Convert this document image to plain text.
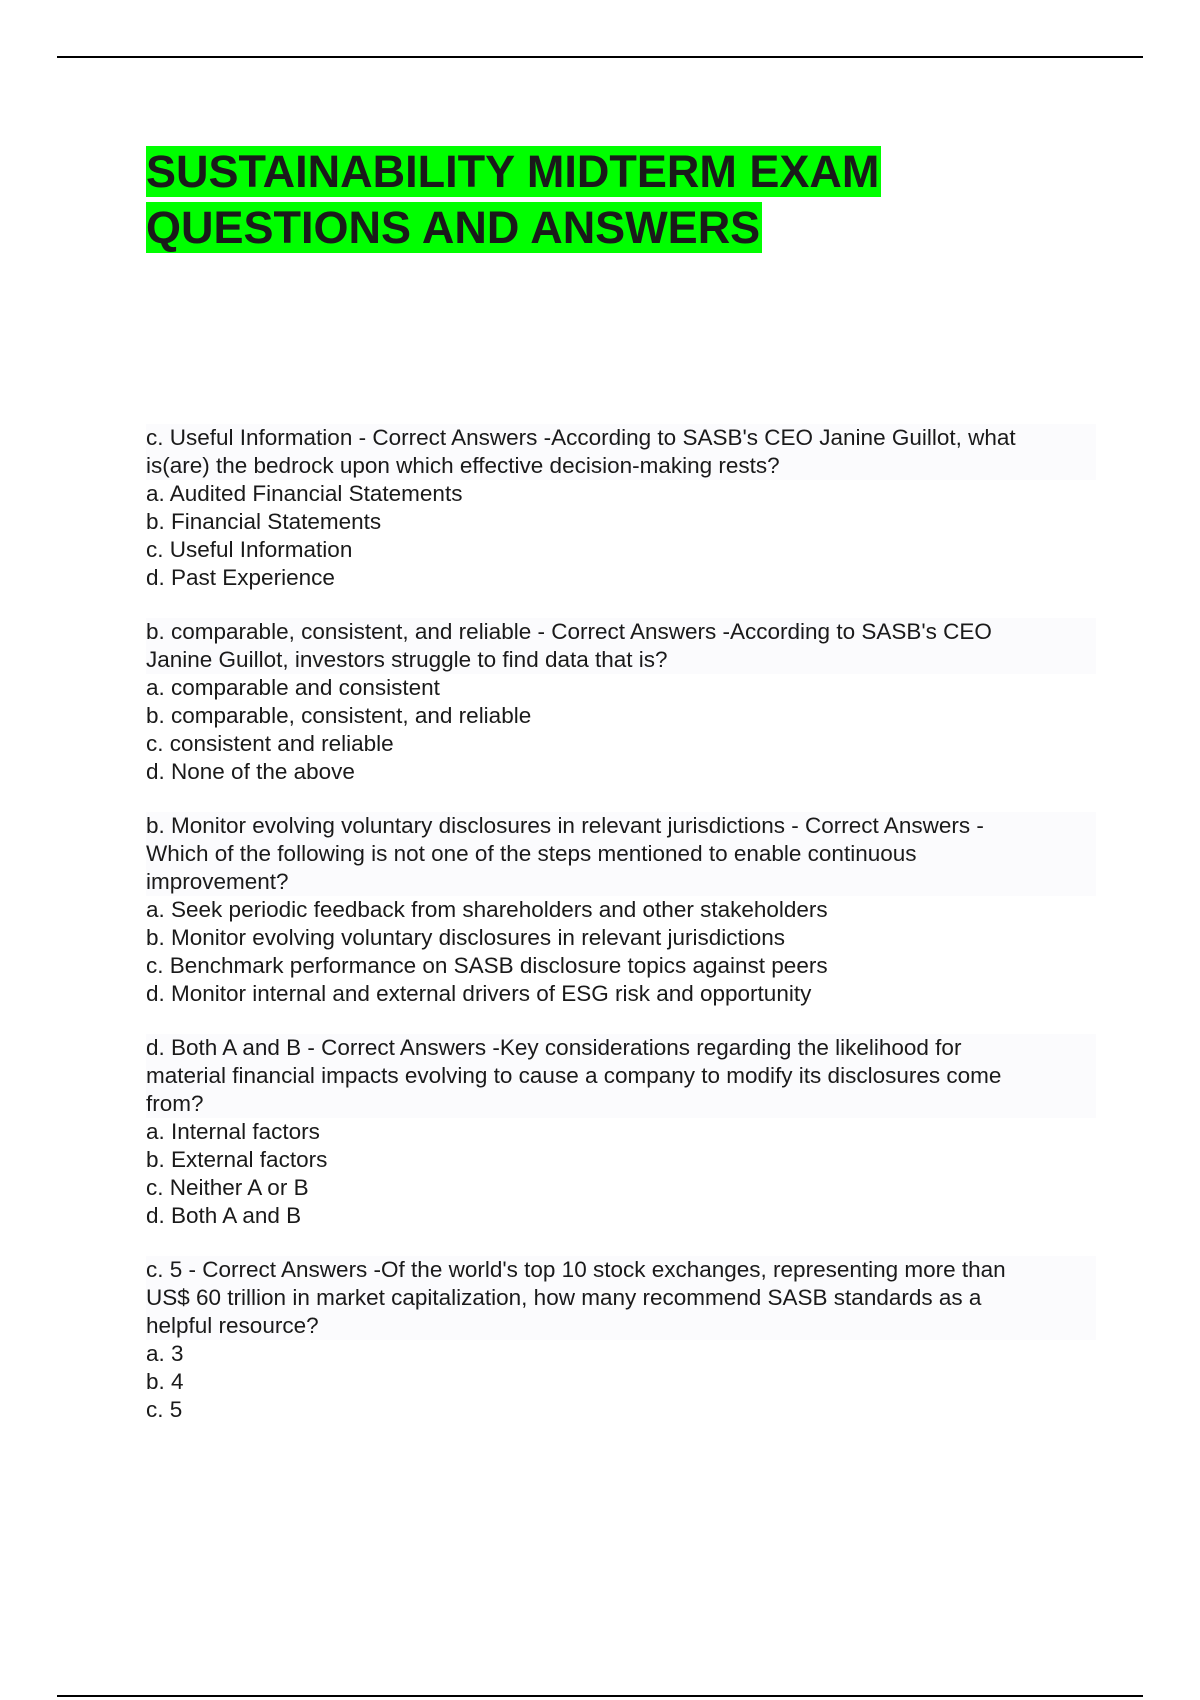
SUSTAINABILITY MIDTERM EXAM
QUESTIONS AND ANSWERS

c. Useful Information - Correct Answers -According to SASB's CEO Janine Guillot, what

is(are) the bedrock upon which effective decision-making rests?

a. Audited Financial Statements

b. Financial Statements

c. Useful Information

d. Past Experience

b. comparable, consistent, and reliable - Correct Answers -According to SASB's CEO

Janine Guillot, investors struggle to find data that is?

a. comparable and consistent

b. comparable, consistent, and reliable

c. consistent and reliable

d. None of the above

b. Monitor evolving voluntary disclosures in relevant jurisdictions - Correct Answers -

Which of the following is not one of the steps mentioned to enable continuous

improvement?

a. Seek periodic feedback from shareholders and other stakeholders

b. Monitor evolving voluntary disclosures in relevant jurisdictions

c. Benchmark performance on SASB disclosure topics against peers

d. Monitor internal and external drivers of ESG risk and opportunity

d. Both A and B - Correct Answers -Key considerations regarding the likelihood for

material financial impacts evolving to cause a company to modify its disclosures come

from?

a. Internal factors

b. External factors

c. Neither A or B

d. Both A and B

c. 5 - Correct Answers -Of the world's top 10 stock exchanges, representing more than

US$ 60 trillion in market capitalization, how many recommend SASB standards as a

helpful resource?

a. 3

b. 4

c. 5
